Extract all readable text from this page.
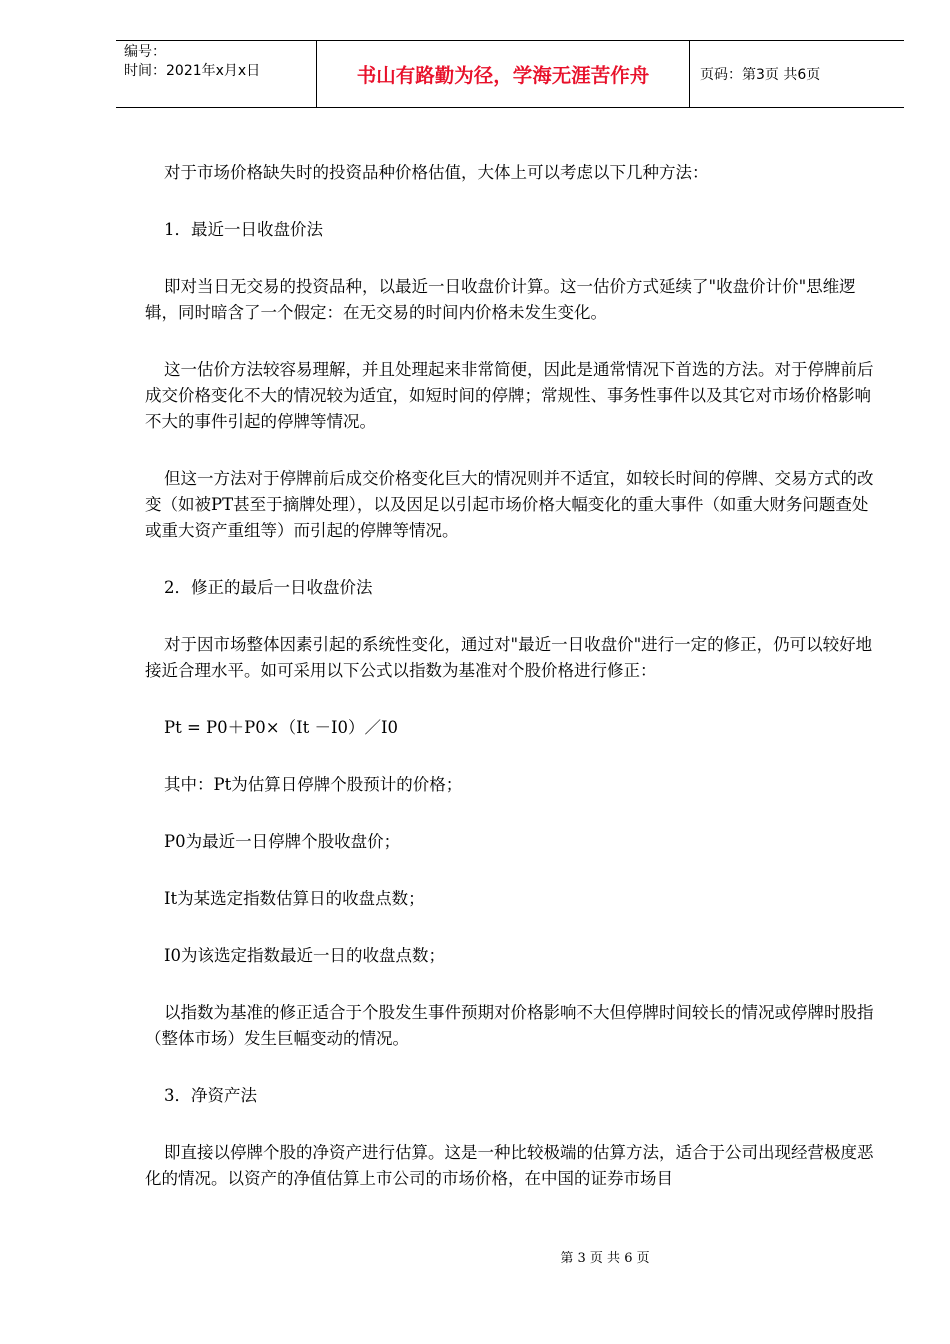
编号：
时间：2021年x月x日	书山有路勤为径，学海无涯苦作舟	页码：第3页 共6页

对于市场价格缺失时的投资品种价格估值，大体上可以考虑以下几种方法：

1．最近一日收盘价法

即对当日无交易的投资品种，以最近一日收盘价计算。这一估价方式延续了"收盘价计价"思维逻辑，同时暗含了一个假定：在无交易的时间内价格未发生变化。

这一估价方法较容易理解，并且处理起来非常简便，因此是通常情况下首选的方法。对于停牌前后成交价格变化不大的情况较为适宜，如短时间的停牌；常规性、事务性事件以及其它对市场价格影响不大的事件引起的停牌等情况。

但这一方法对于停牌前后成交价格变化巨大的情况则并不适宜，如较长时间的停牌、交易方式的改变（如被PT甚至于摘牌处理），以及因足以引起市场价格大幅变化的重大事件（如重大财务问题查处或重大资产重组等）而引起的停牌等情况。

2．修正的最后一日收盘价法

对于因市场整体因素引起的系统性变化，通过对"最近一日收盘价"进行一定的修正，仍可以较好地接近合理水平。如可采用以下公式以指数为基准对个股价格进行修正：

Pt = P0＋P0×（It －I0）／I0

其中：Pt为估算日停牌个股预计的价格；

P0为最近一日停牌个股收盘价；

It为某选定指数估算日的收盘点数；

I0为该选定指数最近一日的收盘点数；

以指数为基准的修正适合于个股发生事件预期对价格影响不大但停牌时间较长的情况或停牌时股指（整体市场）发生巨幅变动的情况。

3．净资产法

即直接以停牌个股的净资产进行估算。这是一种比较极端的估算方法，适合于公司出现经营极度恶化的情况。以资产的净值估算上市公司的市场价格，在中国的证券市场目

第 3 页 共 6 页
